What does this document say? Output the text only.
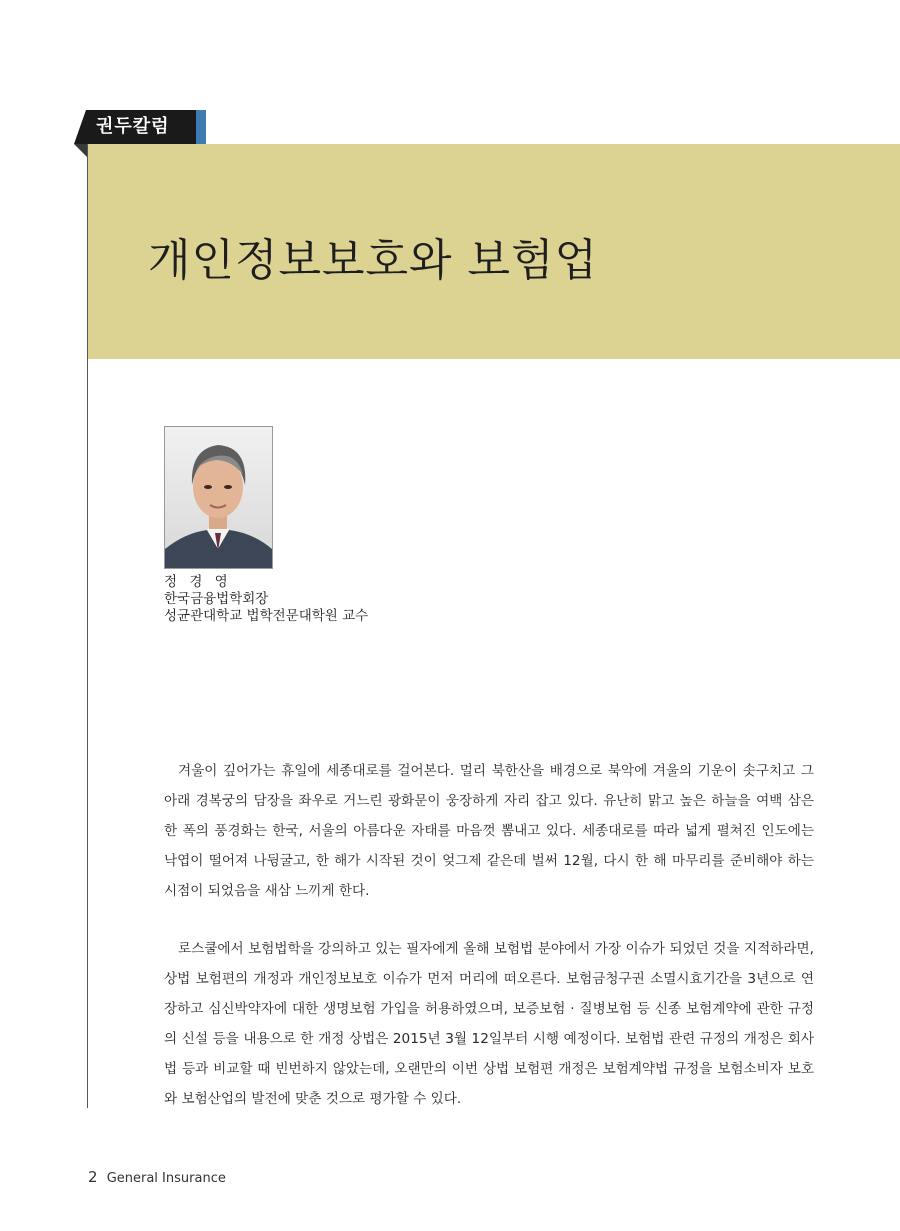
권두칼럼
개인정보보호와 보험업
정 경 영
한국금융법학회장
성균관대학교 법학전문대학원 교수

겨울이 깊어가는 휴일에 세종대로를 걸어본다. 멀리 북한산을 배경으로 북악에 겨울의 기운이 솟구치고 그 아래 경복궁의 담장을 좌우로 거느린 광화문이 웅장하게 자리 잡고 있다. 유난히 맑고 높은 하늘을 여백 삼은 한 폭의 풍경화는 한국, 서울의 아름다운 자태를 마음껏 뽐내고 있다. 세종대로를 따라 넓게 펼쳐진 인도에는 낙엽이 떨어져 나뒹굴고, 한 해가 시작된 것이 엊그제 같은데 벌써 12월, 다시 한 해 마무리를 준비해야 하는 시점이 되었음을 새삼 느끼게 한다.

로스쿨에서 보험법학을 강의하고 있는 필자에게 올해 보험법 분야에서 가장 이슈가 되었던 것을 지적하라면, 상법 보험편의 개정과 개인정보보호 이슈가 먼저 머리에 떠오른다. 보험금청구권 소멸시효기간을 3년으로 연장하고 심신박약자에 대한 생명보험 가입을 허용하였으며, 보증보험 · 질병보험 등 신종 보험계약에 관한 규정의 신설 등을 내용으로 한 개정 상법은 2015년 3월 12일부터 시행 예정이다. 보험법 관련 규정의 개정은 회사법 등과 비교할 때 빈번하지 않았는데, 오랜만의 이번 상법 보험편 개정은 보험계약법 규정을 보험소비자 보호와 보험산업의 발전에 맞춘 것으로 평가할 수 있다.

2 General Insurance
